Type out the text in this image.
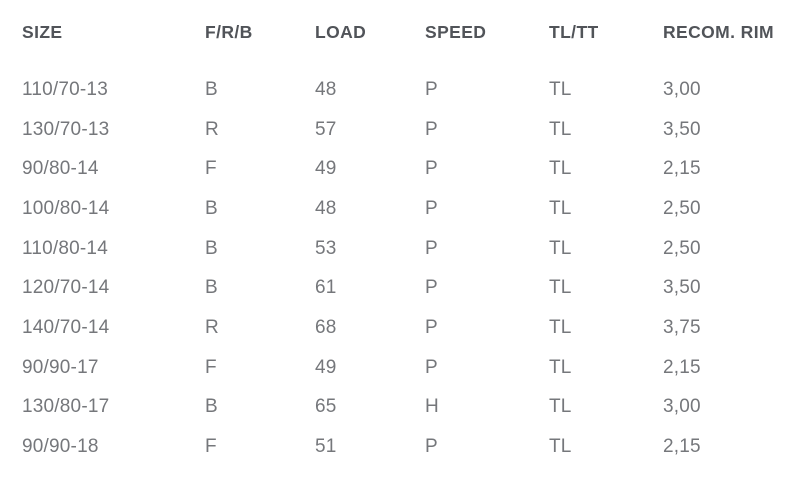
SIZE	F/R/B	LOAD	SPEED	TL/TT	RECOM. RIM
110/70-13	B	48	P	TL	3,00
130/70-13	R	57	P	TL	3,50
90/80-14	F	49	P	TL	2,15
100/80-14	B	48	P	TL	2,50
110/80-14	B	53	P	TL	2,50
120/70-14	B	61	P	TL	3,50
140/70-14	R	68	P	TL	3,75
90/90-17	F	49	P	TL	2,15
130/80-17	B	65	H	TL	3,00
90/90-18	F	51	P	TL	2,15
